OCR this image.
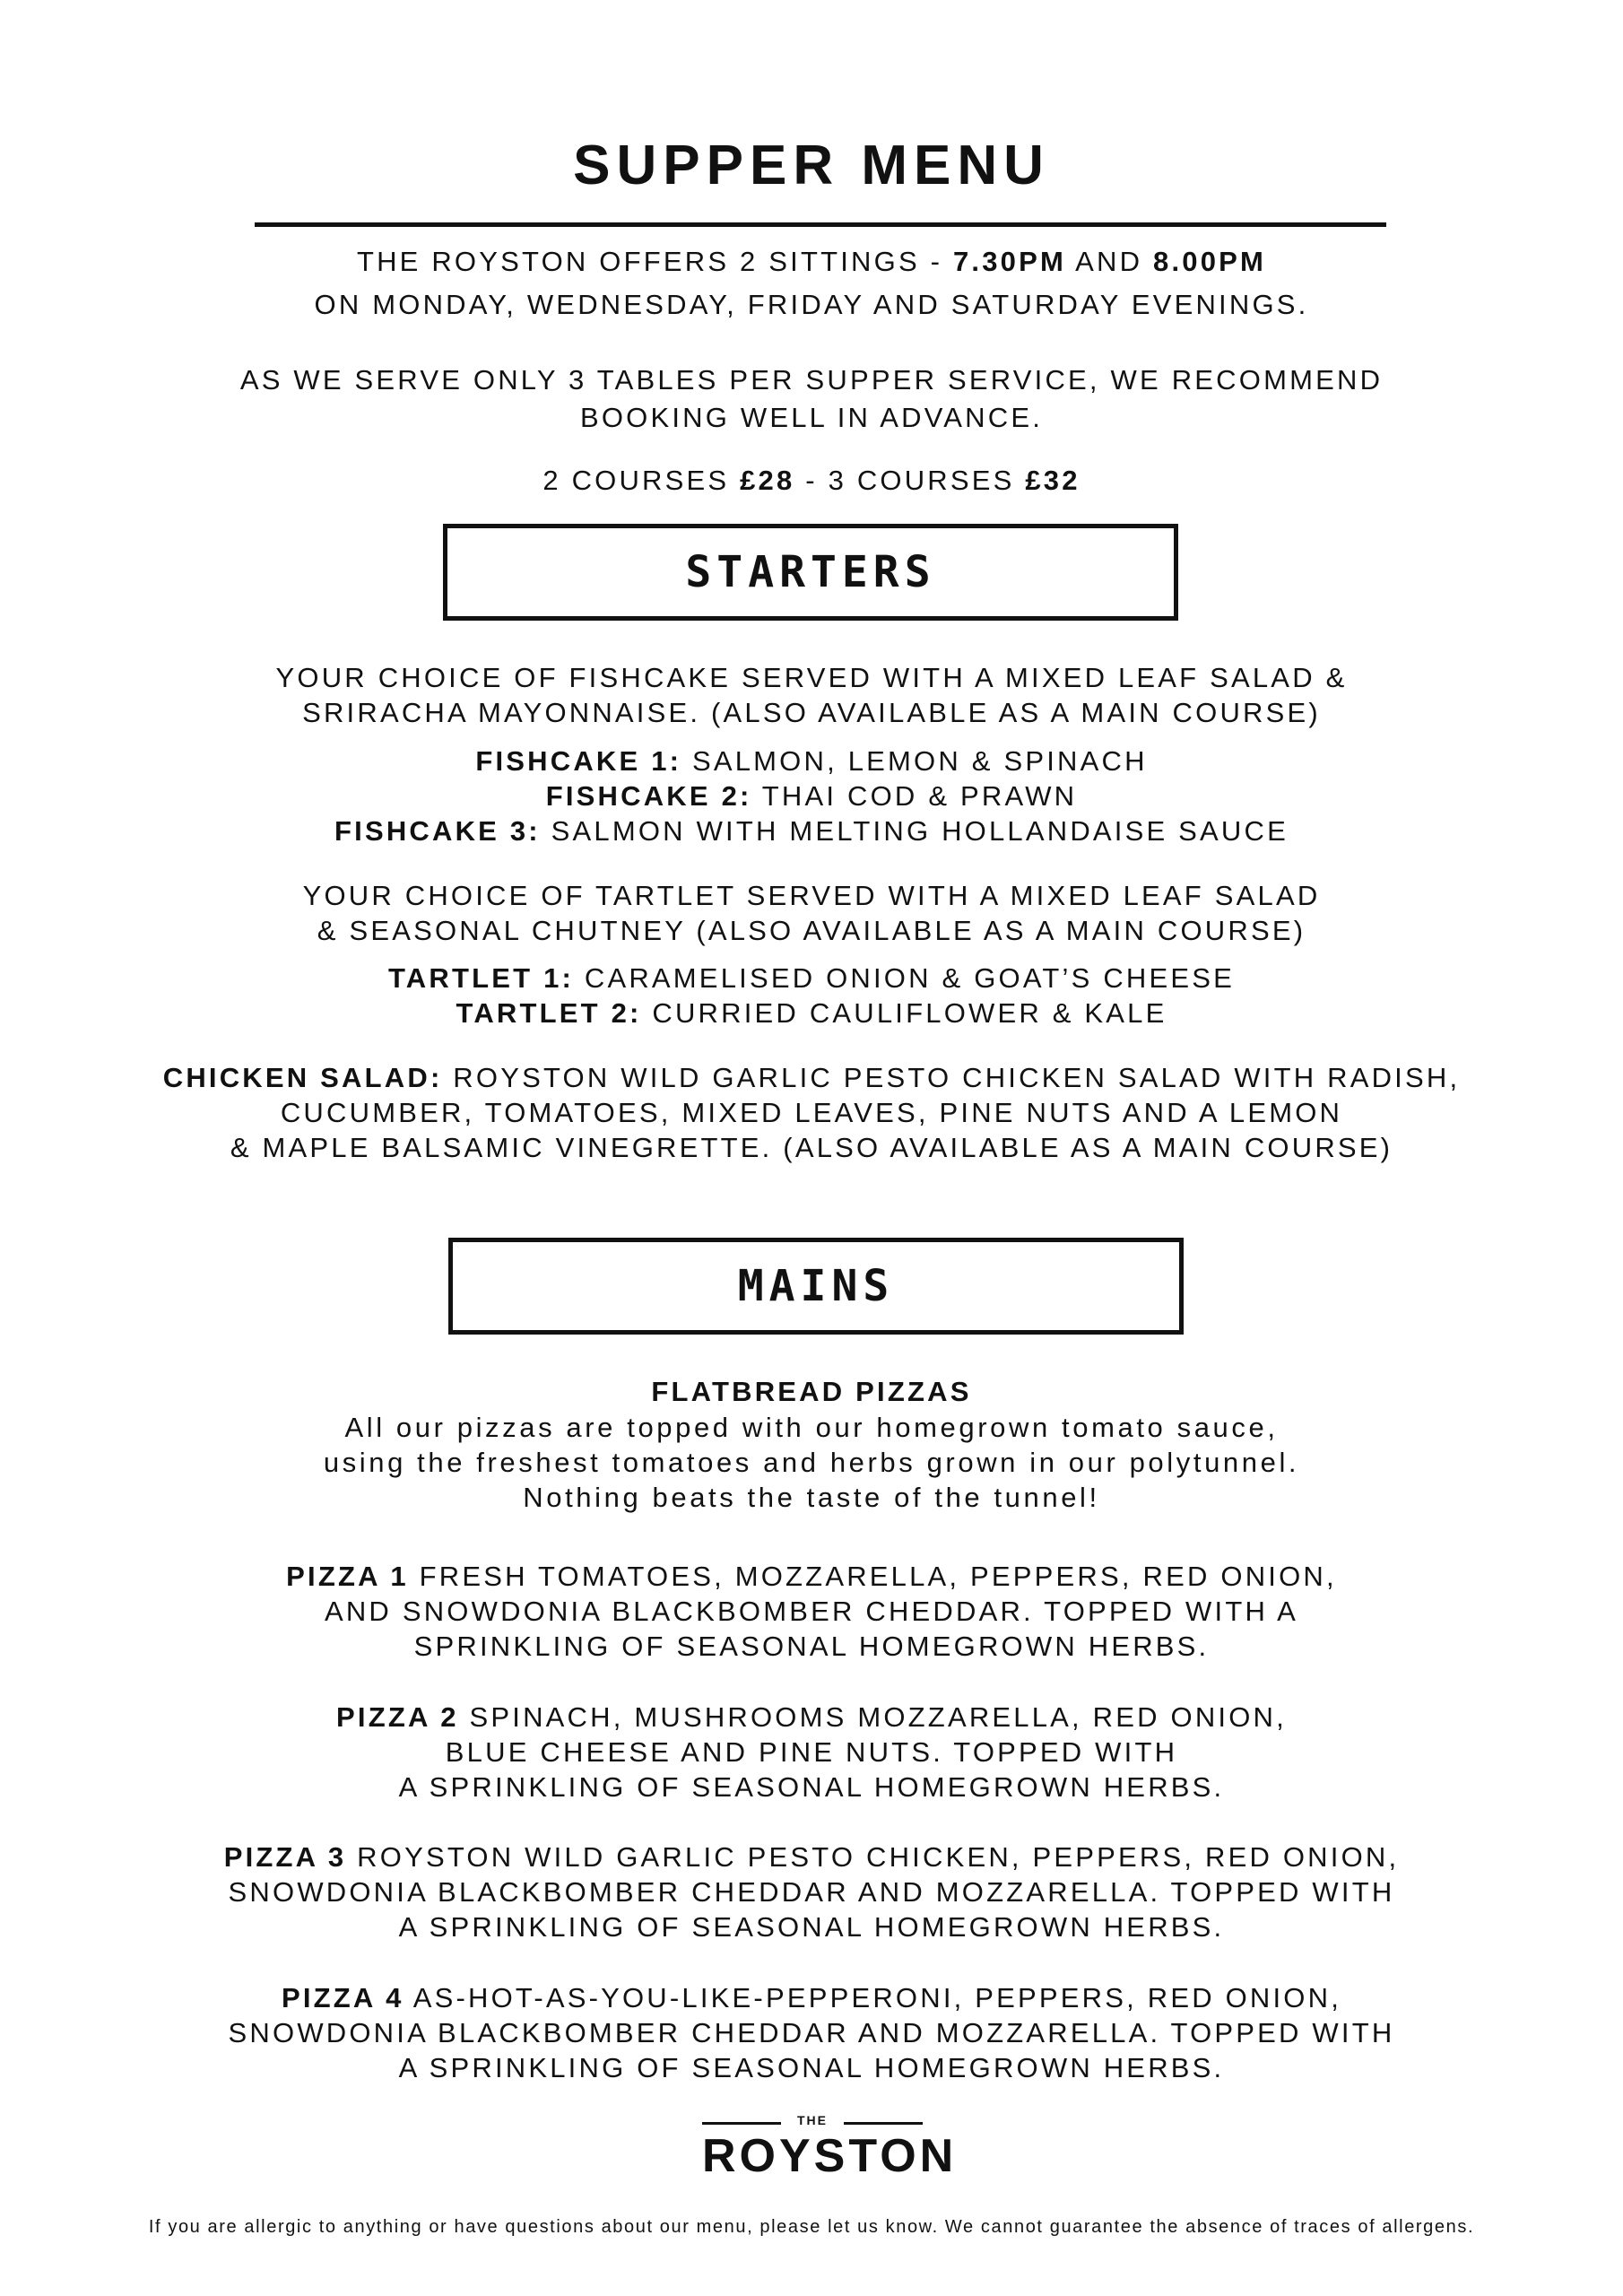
SUPPER MENU
THE ROYSTON OFFERS 2 SITTINGS - 7.30PM AND 8.00PM
ON MONDAY, WEDNESDAY, FRIDAY AND SATURDAY EVENINGS.
AS WE SERVE ONLY 3 TABLES PER SUPPER SERVICE, WE RECOMMEND
BOOKING WELL IN ADVANCE.
2 COURSES £28 - 3 COURSES £32
STARTERS
YOUR CHOICE OF FISHCAKE SERVED WITH A MIXED LEAF SALAD &
SRIRACHA MAYONNAISE. (ALSO AVAILABLE AS A MAIN COURSE)
FISHCAKE 1: SALMON, LEMON & SPINACH
FISHCAKE 2: THAI COD & PRAWN
FISHCAKE 3: SALMON WITH MELTING HOLLANDAISE SAUCE
YOUR CHOICE OF TARTLET SERVED WITH A MIXED LEAF SALAD
& SEASONAL CHUTNEY (ALSO AVAILABLE AS A MAIN COURSE)
TARTLET 1: CARAMELISED ONION & GOAT’S CHEESE
TARTLET 2: CURRIED CAULIFLOWER & KALE
CHICKEN SALAD: ROYSTON WILD GARLIC PESTO CHICKEN SALAD WITH RADISH,
CUCUMBER, TOMATOES, MIXED LEAVES, PINE NUTS AND A LEMON
& MAPLE BALSAMIC VINEGRETTE. (ALSO AVAILABLE AS A MAIN COURSE)
MAINS
FLATBREAD PIZZAS
All our pizzas are topped with our homegrown tomato sauce,
using the freshest tomatoes and herbs grown in our polytunnel.
Nothing beats the taste of the tunnel!
PIZZA 1 FRESH TOMATOES, MOZZARELLA, PEPPERS, RED ONION,
AND SNOWDONIA BLACKBOMBER CHEDDAR. TOPPED WITH A
SPRINKLING OF SEASONAL HOMEGROWN HERBS.
PIZZA 2 SPINACH, MUSHROOMS MOZZARELLA, RED ONION,
BLUE CHEESE AND PINE NUTS. TOPPED WITH
A SPRINKLING OF SEASONAL HOMEGROWN HERBS.
PIZZA 3 ROYSTON WILD GARLIC PESTO CHICKEN, PEPPERS, RED ONION,
SNOWDONIA BLACKBOMBER CHEDDAR AND MOZZARELLA. TOPPED WITH
A SPRINKLING OF SEASONAL HOMEGROWN HERBS.
PIZZA 4 AS-HOT-AS-YOU-LIKE-PEPPERONI, PEPPERS, RED ONION,
SNOWDONIA BLACKBOMBER CHEDDAR AND MOZZARELLA. TOPPED WITH
A SPRINKLING OF SEASONAL HOMEGROWN HERBS.
THE
ROYSTON
If you are allergic to anything or have questions about our menu, please let us know. We cannot guarantee the absence of traces of allergens.
